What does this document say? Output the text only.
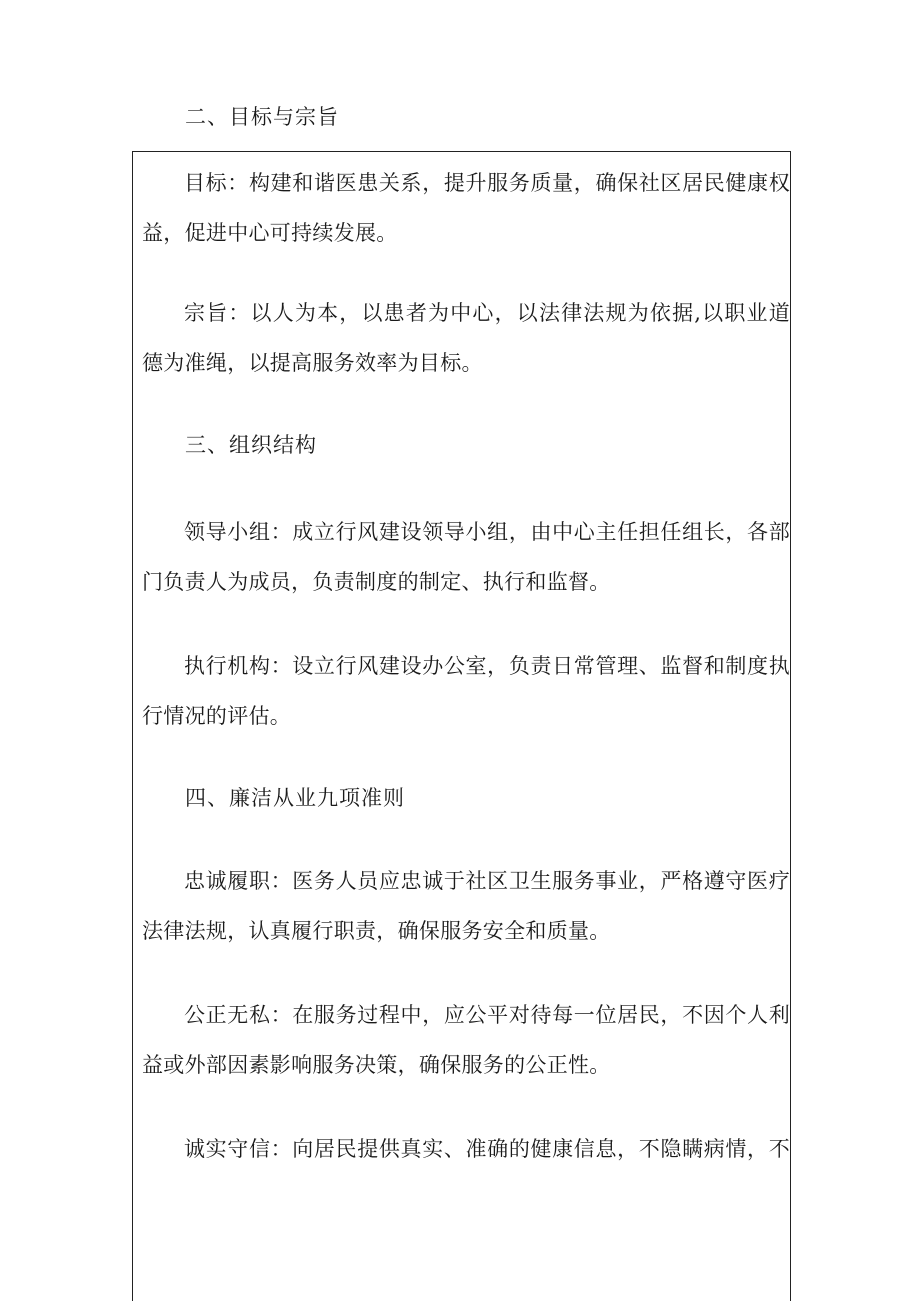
二、目标与宗旨

目标：构建和谐医患关系，提升服务质量，确保社区居民健康权
益，促进中心可持续发展。

宗旨：以人为本，以患者为中心，以法律法规为依据,以职业道
德为准绳，以提高服务效率为目标。

三、组织结构

领导小组：成立行风建设领导小组，由中心主任担任组长，各部
门负责人为成员，负责制度的制定、执行和监督。

执行机构：设立行风建设办公室，负责日常管理、监督和制度执
行情况的评估。

四、廉洁从业九项准则

忠诚履职：医务人员应忠诚于社区卫生服务事业，严格遵守医疗
法律法规，认真履行职责，确保服务安全和质量。

公正无私：在服务过程中，应公平对待每一位居民，不因个人利
益或外部因素影响服务决策，确保服务的公正性。

诚实守信：向居民提供真实、准确的健康信息，不隐瞒病情，不
